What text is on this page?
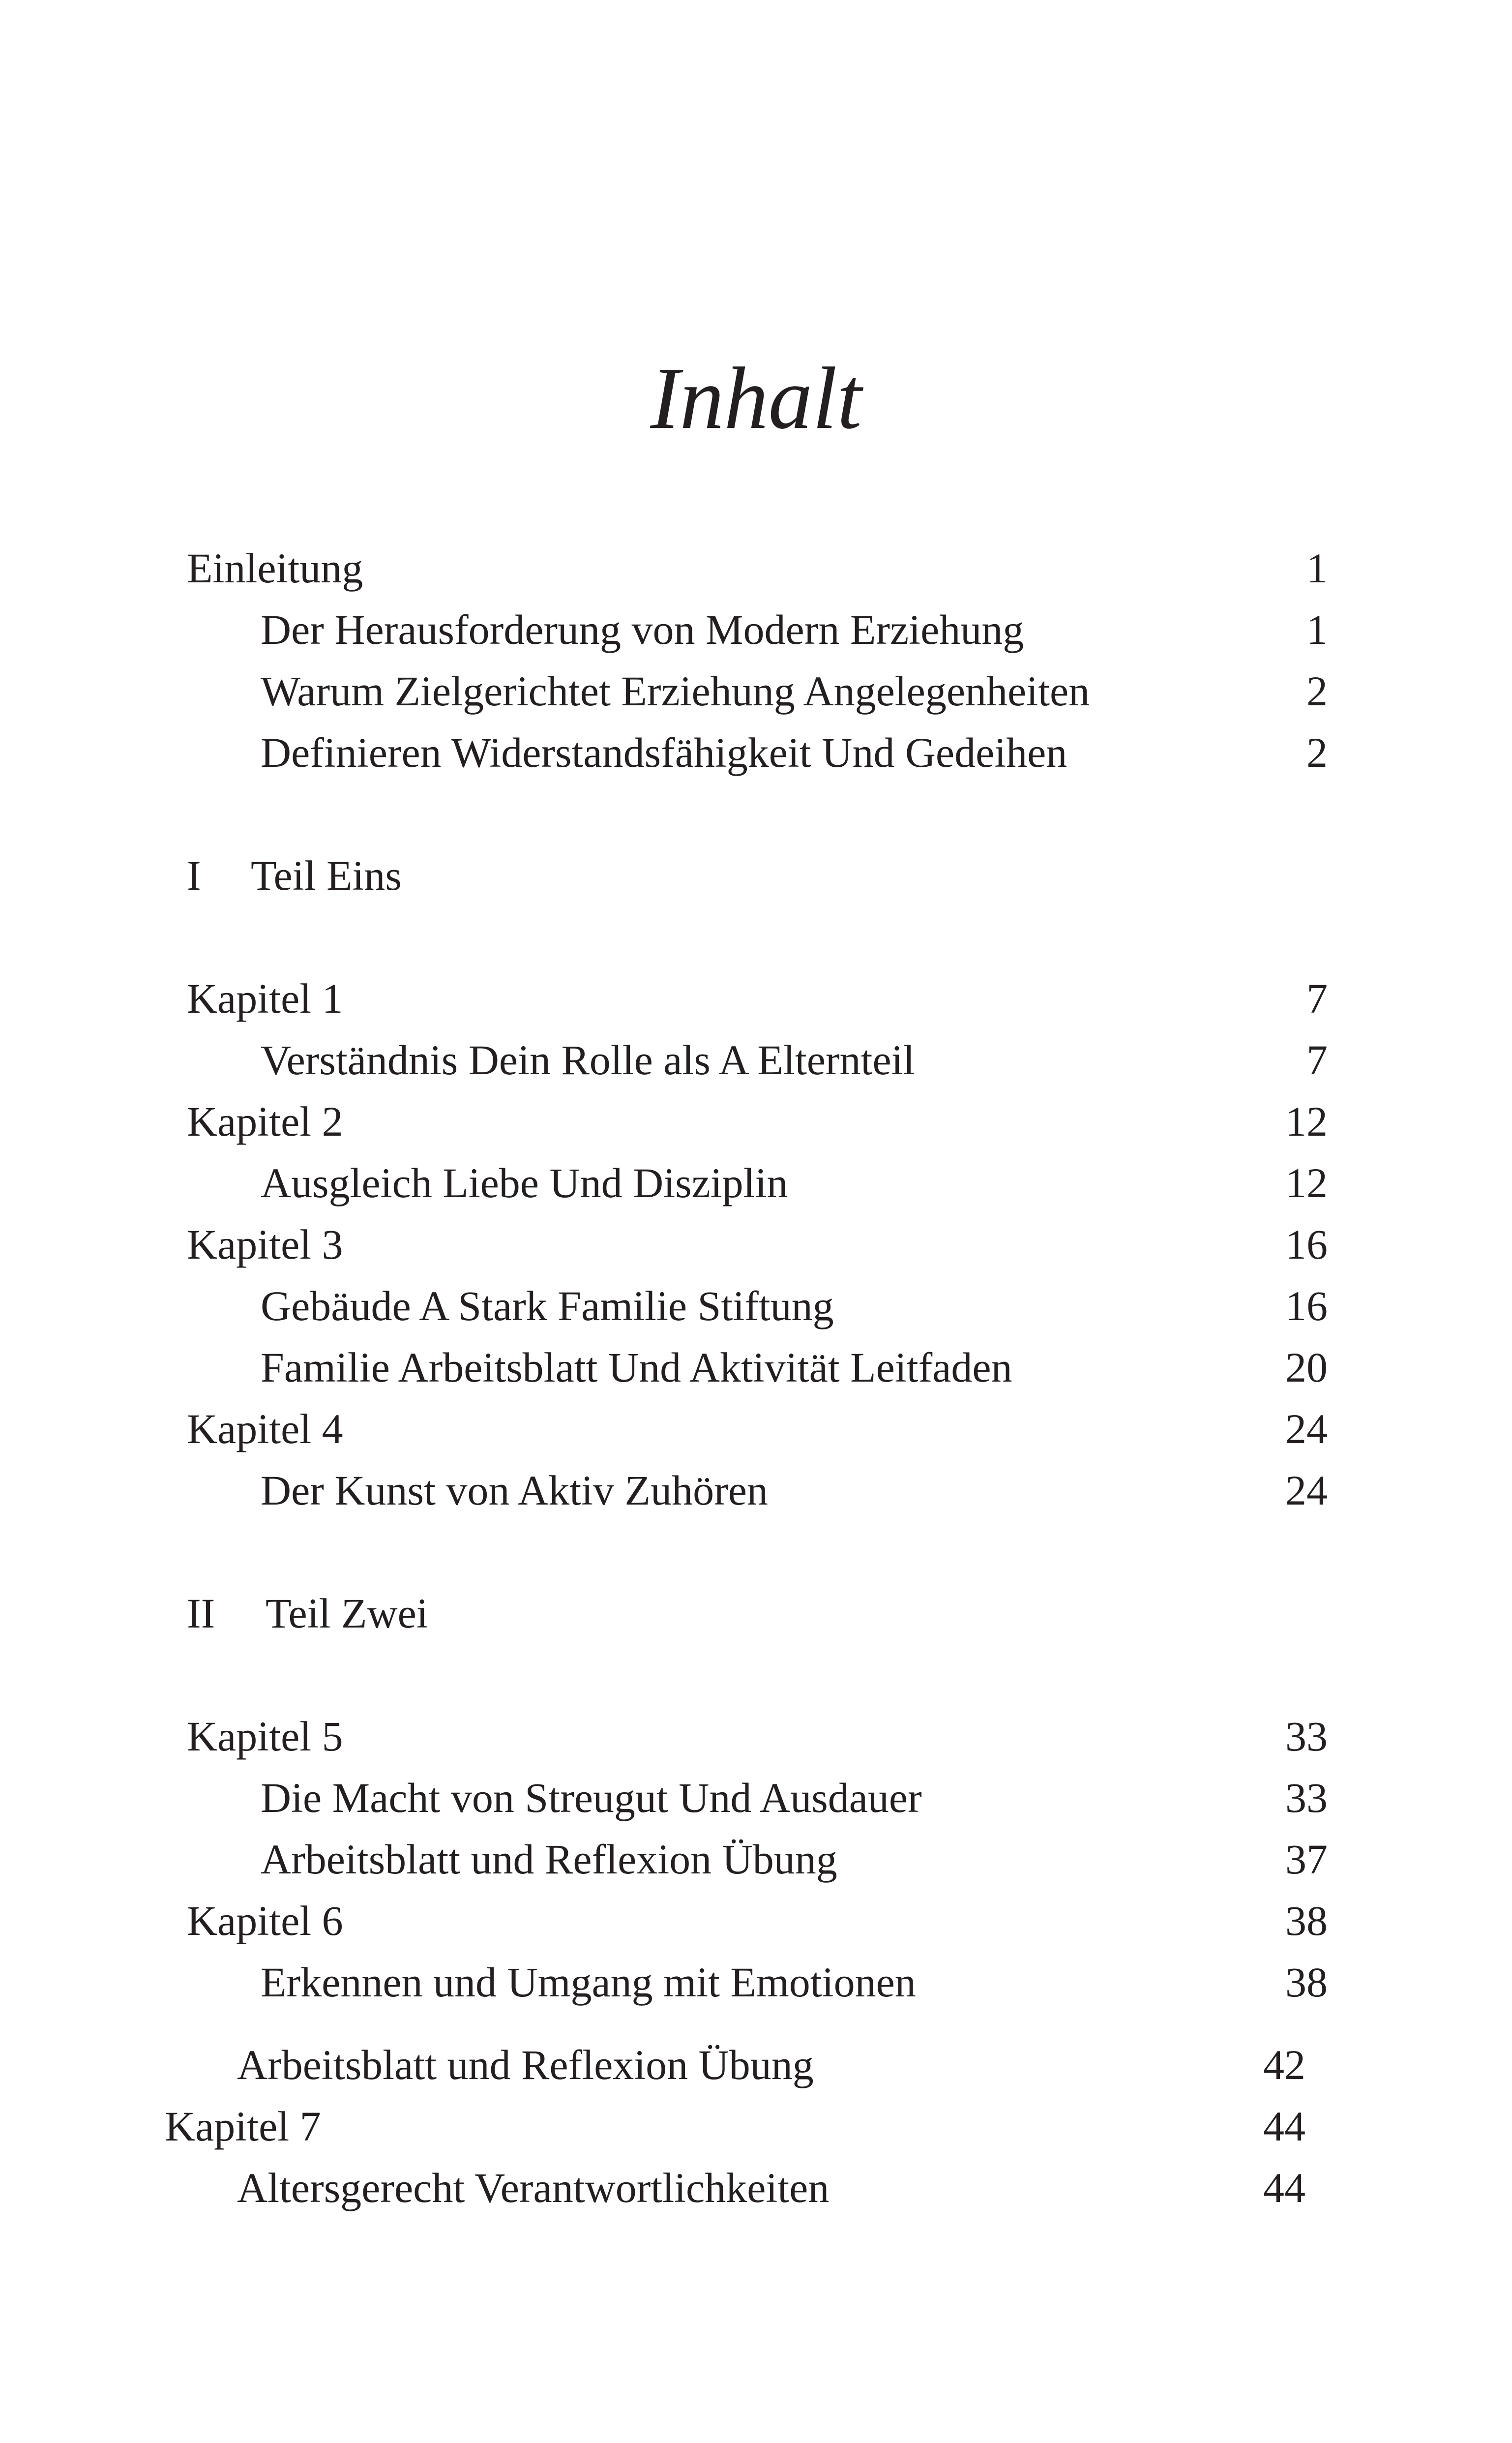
Inhalt
Einleitung	1
Der Herausforderung von Modern Erziehung	1
Warum Zielgerichtet Erziehung Angelegenheiten	2
Definieren Widerstandsfähigkeit Und Gedeihen	2
I Teil Eins
Kapitel 1	7
Verständnis Dein Rolle als A Elternteil	7
Kapitel 2	12
Ausgleich Liebe Und Disziplin	12
Kapitel 3	16
Gebäude A Stark Familie Stiftung	16
Familie Arbeitsblatt Und Aktivität Leitfaden	20
Kapitel 4	24
Der Kunst von Aktiv Zuhören	24
II Teil Zwei
Kapitel 5	33
Die Macht von Streugut Und Ausdauer	33
Arbeitsblatt und Reflexion Übung	37
Kapitel 6	38
Erkennen und Umgang mit Emotionen	38
Arbeitsblatt und Reflexion Übung	42
Kapitel 7	44
Altersgerecht Verantwortlichkeiten	44
